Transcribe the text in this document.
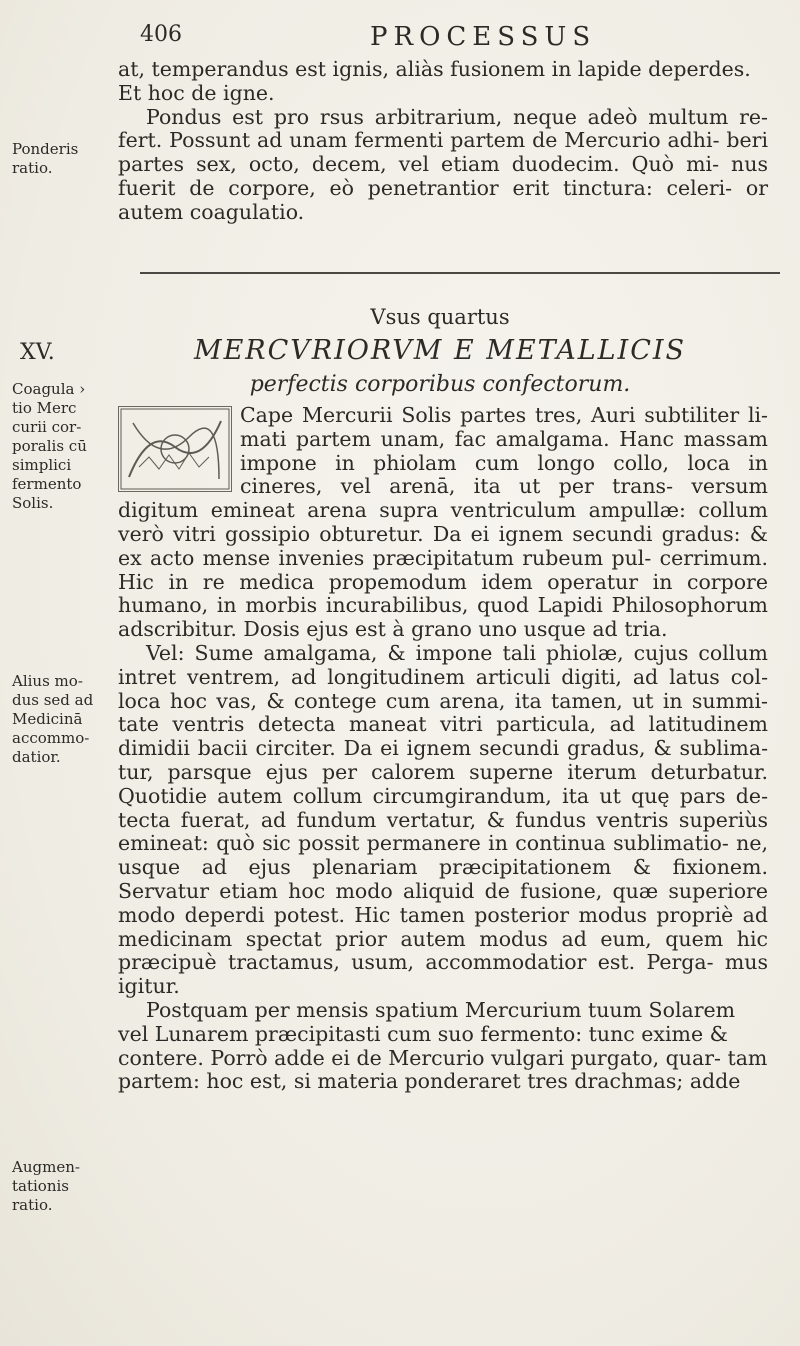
406	PROCESSUS

at, temperandus est ignis, aliàs fusionem in lapide deperdes.

Et hoc de igne.

Pondus est pro rsus arbitrarium, neque adeò multum re- fert. Possunt ad unam fermenti partem de Mercurio adhi- beri partes sex, octo, decem, vel etiam duodecim. Quò mi- nus fuerit de corpore, eò penetrantior erit tinctura: celeri- or autem coagulatio.

Ponderis ratio.
XV.
Vsus quartus
MERCVRIORVM E METALLICIS
perfectis corporibus confectorum.
Coagula › tio Merc curii cor- poralis cū simplici fermento Solis.

Cape Mercurii Solis partes tres, Auri subtiliter li- mati partem unam, fac amalgama. Hanc massam impone in phiolam cum longo collo, loca in cineres, vel arenā, ita ut per trans- versum digitum emineat arena supra ventriculum ampullæ: collum verò vitri gossipio obturetur. Da ei ignem secundi gradus: & ex acto mense invenies præcipitatum rubeum pul- cerrimum. Hic in re medica propemodum idem operatur in corpore humano, in morbis incurabilibus, quod Lapidi Philosophorum adscribitur. Dosis ejus est à grano uno usque ad tria.

Vel: Sume amalgama, & impone tali phiolæ, cujus collum intret ventrem, ad longitudinem articuli digiti, ad latus col- loca hoc vas, & contege cum arena, ita tamen, ut in summi- tate ventris detecta maneat vitri particula, ad latitudinem dimidii bacii circiter. Da ei ignem secundi gradus, & sublima- tur, parsque ejus per calorem superne iterum deturbatur. Quotidie autem collum circumgirandum, ita ut quę pars de- tecta fuerat, ad fundum vertatur, & fundus ventris superiùs emineat: quò sic possit permanere in continua sublimatio- ne, usque ad ejus plenariam præcipitationem & fixionem. Servatur etiam hoc modo aliquid de fusione, quæ superiore modo deperdi potest. Hic tamen posterior modus propriè ad medicinam spectat prior autem modus ad eum, quem hic præcipuè tractamus, usum, accommodatior est. Perga- mus igitur.

Postquam per mensis spatium Mercurium tuum Solarem vel Lunarem præcipitasti cum suo fermento: tunc exime & contere. Porrò adde ei de Mercurio vulgari purgato, quar- tam partem: hoc est, si materia ponderaret tres drachmas; adde

Alius mo dus sed ad Medicinā accommo- datior.
Augmen tationis ratio.
